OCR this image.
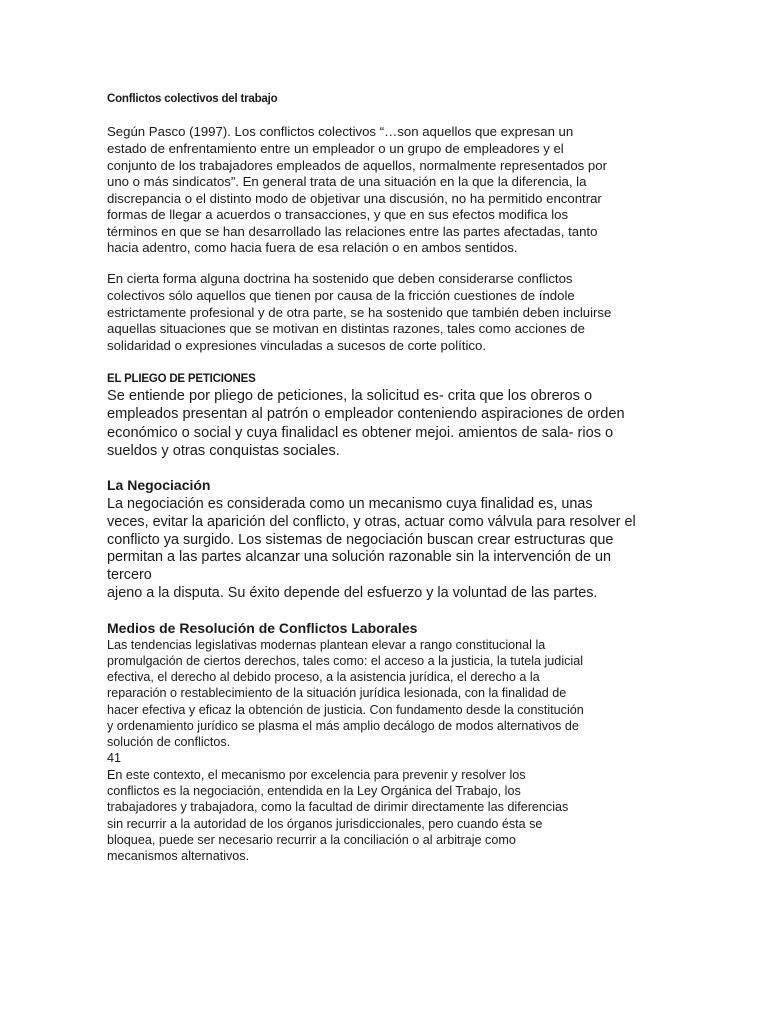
Conflictos colectivos del trabajo
Según Pasco (1997). Los conflictos colectivos “…son aquellos que expresan un
estado de enfrentamiento entre un empleador o un grupo de empleadores y el
conjunto de los trabajadores empleados de aquellos, normalmente representados por
uno o más sindicatos”. En general trata de una situación en la que la diferencia, la
discrepancia o el distinto modo de objetivar una discusión, no ha permitido encontrar
formas de llegar a acuerdos o transacciones, y que en sus efectos modifica los
términos en que se han desarrollado las relaciones entre las partes afectadas, tanto
hacia adentro, como hacia fuera de esa relación o en ambos sentidos.
En cierta forma alguna doctrina ha sostenido que deben considerarse conflictos
colectivos sólo aquellos que tienen por causa de la fricción cuestiones de índole
estrictamente profesional y de otra parte, se ha sostenido que también deben incluirse
aquellas situaciones que se motivan en distintas razones, tales como acciones de
solidaridad o expresiones vinculadas a sucesos de corte político.
EL PLIEGO DE PETICIONES
Se entiende por pliego de peticiones, la solicitud es- crita que los obreros o
empleados presentan al patrón o empleador conteniendo aspiraciones de orden
económico o social y cuya finalidacl es obtener mejoi. amientos de sala- rios o
sueldos y otras conquistas sociales.
La Negociación
La negociación es considerada como un mecanismo cuya finalidad es, unas
veces, evitar la aparición del conflicto, y otras, actuar como válvula para resolver el
conflicto ya surgido. Los sistemas de negociación buscan crear estructuras que
permitan a las partes alcanzar una solución razonable sin la intervención de un
tercero
ajeno a la disputa. Su éxito depende del esfuerzo y la voluntad de las partes.
Medios de Resolución de Conflictos Laborales
Las tendencias legislativas modernas plantean elevar a rango constitucional la
promulgación de ciertos derechos, tales como: el acceso a la justicia, la tutela judicial
efectiva, el derecho al debido proceso, a la asistencia jurídica, el derecho a la
reparación o restablecimiento de la situación jurídica lesionada, con la finalidad de
hacer efectiva y eficaz la obtención de justicia. Con fundamento desde la constitución
y ordenamiento jurídico se plasma el más amplio decálogo de modos alternativos de
solución de conflictos.
41
En este contexto, el mecanismo por excelencia para prevenir y resolver los
conflictos es la negociación, entendida en la Ley Orgánica del Trabajo, los
trabajadores y trabajadora, como la facultad de dirimir directamente las diferencias
sin recurrir a la autoridad de los órganos jurisdiccionales, pero cuando ésta se
bloquea, puede ser necesario recurrir a la conciliación o al arbitraje como
mecanismos alternativos.
